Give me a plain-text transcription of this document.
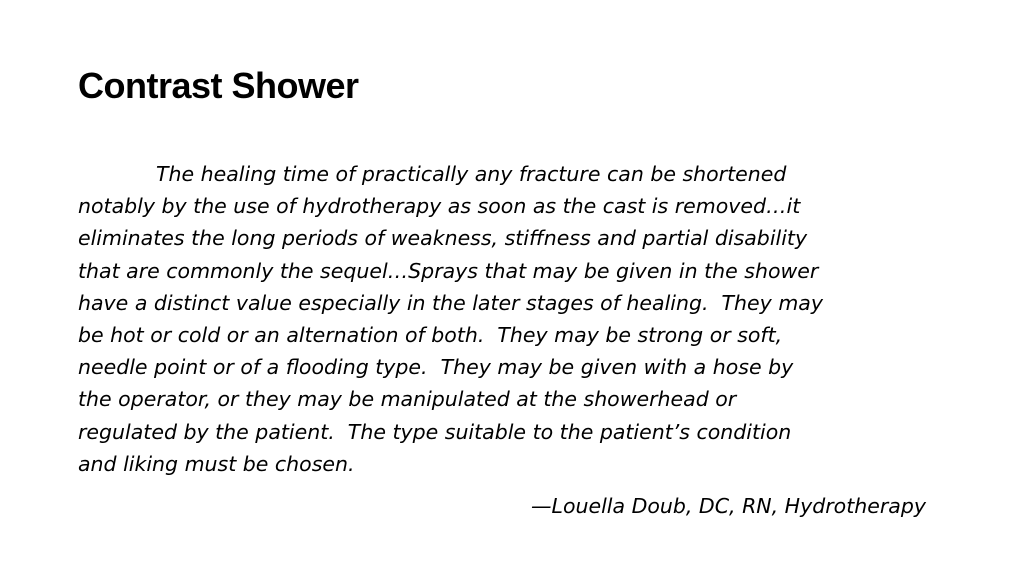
Contrast Shower
The healing time of practically any fracture can be shortened
notably by the use of hydrotherapy as soon as the cast is removed…it
eliminates the long periods of weakness, stiffness and partial disability
that are commonly the sequel…Sprays that may be given in the shower
have a distinct value especially in the later stages of healing.  They may
be hot or cold or an alternation of both.  They may be strong or soft,
needle point or of a flooding type.  They may be given with a hose by
the operator, or they may be manipulated at the showerhead or
regulated by the patient.  The type suitable to the patient’s condition
and liking must be chosen.
—Louella Doub, DC, RN, Hydrotherapy
